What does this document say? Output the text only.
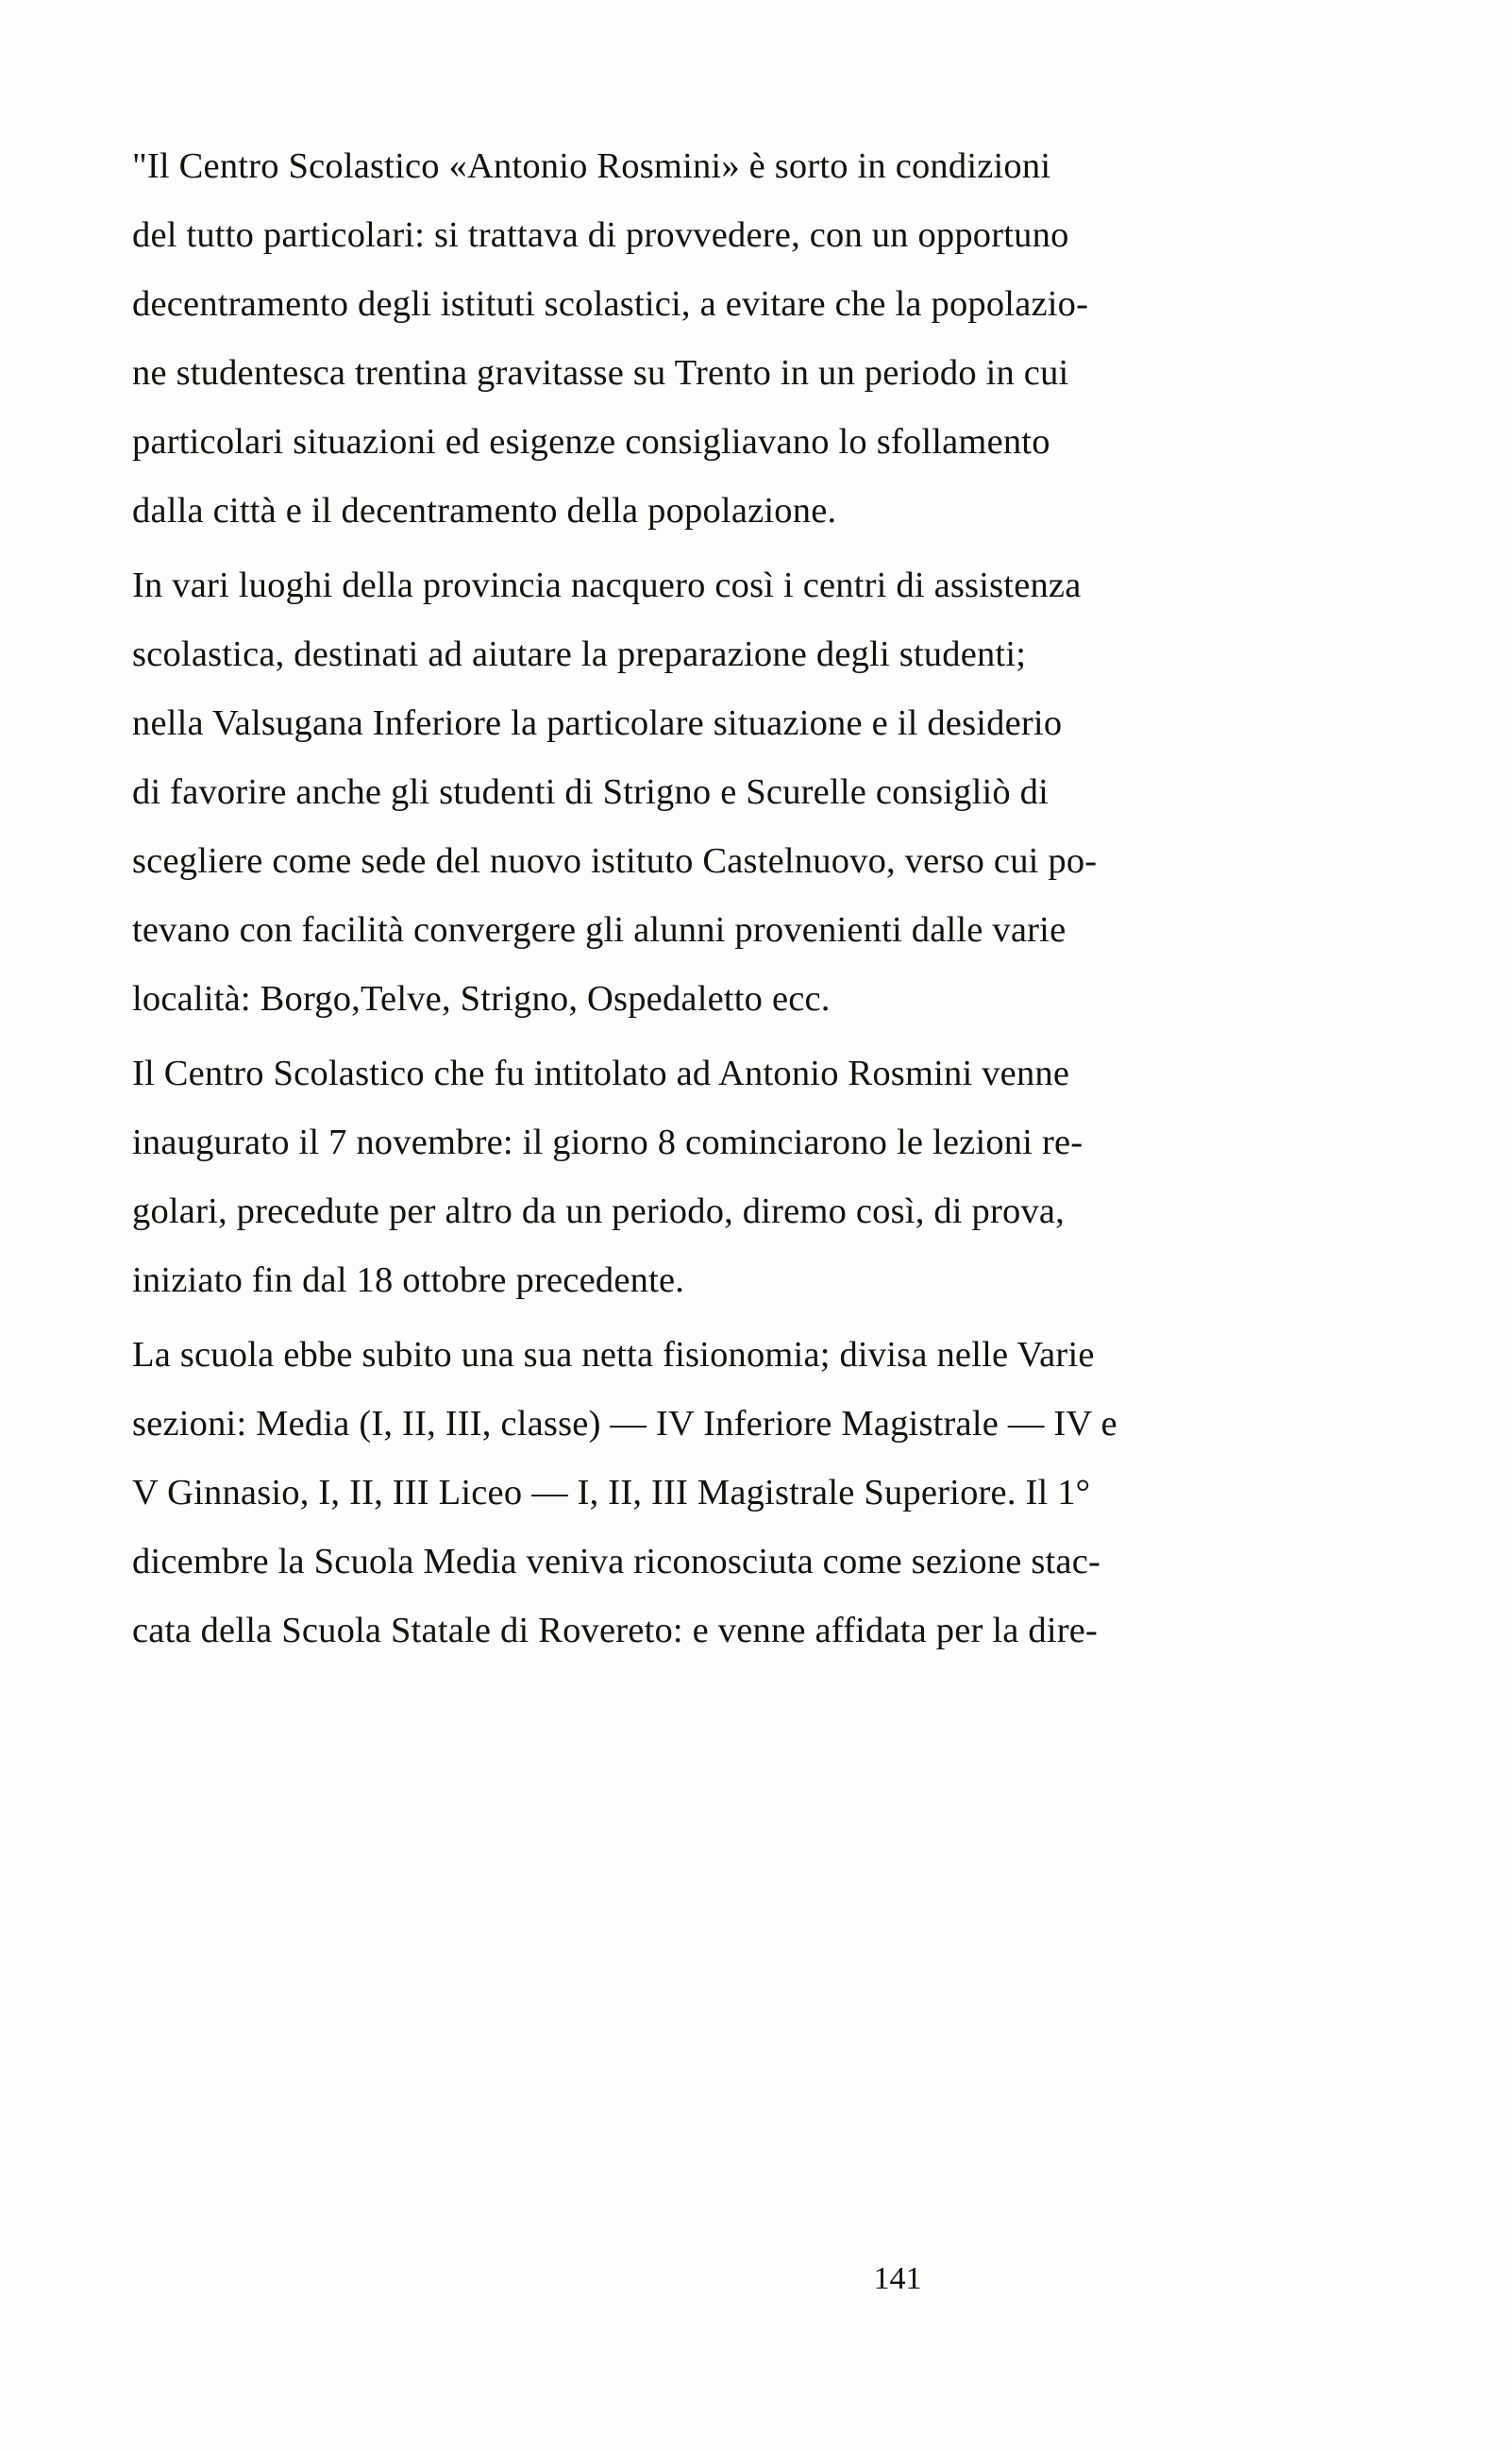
"Il Centro Scolastico «Antonio Rosmini» è sorto in condizioni
del tutto particolari: si trattava di provvedere, con un opportuno
decentramento degli istituti scolastici, a evitare che la popolazio-
ne studentesca trentina gravitasse su Trento in un periodo in cui
particolari situazioni ed esigenze consigliavano lo sfollamento
dalla città e il decentramento della popolazione.
In vari luoghi della provincia nacquero così i centri di assistenza
scolastica, destinati ad aiutare la preparazione degli studenti;
nella Valsugana Inferiore la particolare situazione e il desiderio
di favorire anche gli studenti di Strigno e Scurelle consigliò di
scegliere come sede del nuovo istituto Castelnuovo, verso cui po-
tevano con facilità convergere gli alunni provenienti dalle varie
località: Borgo,Telve, Strigno, Ospedaletto ecc.
Il Centro Scolastico che fu intitolato ad Antonio Rosmini venne
inaugurato il 7 novembre: il giorno 8 cominciarono le lezioni re-
golari, precedute per altro da un periodo, diremo così, di prova,
iniziato fin dal 18 ottobre precedente.
La scuola ebbe subito una sua netta fisionomia; divisa nelle Varie
sezioni: Media (I, II, III, classe) — IV Inferiore Magistrale — IV e
V Ginnasio, I, II, III Liceo — I, II, III Magistrale Superiore. Il 1°
dicembre la Scuola Media veniva riconosciuta come sezione stac-
cata della Scuola Statale di Rovereto: e venne affidata per la dire-
141
